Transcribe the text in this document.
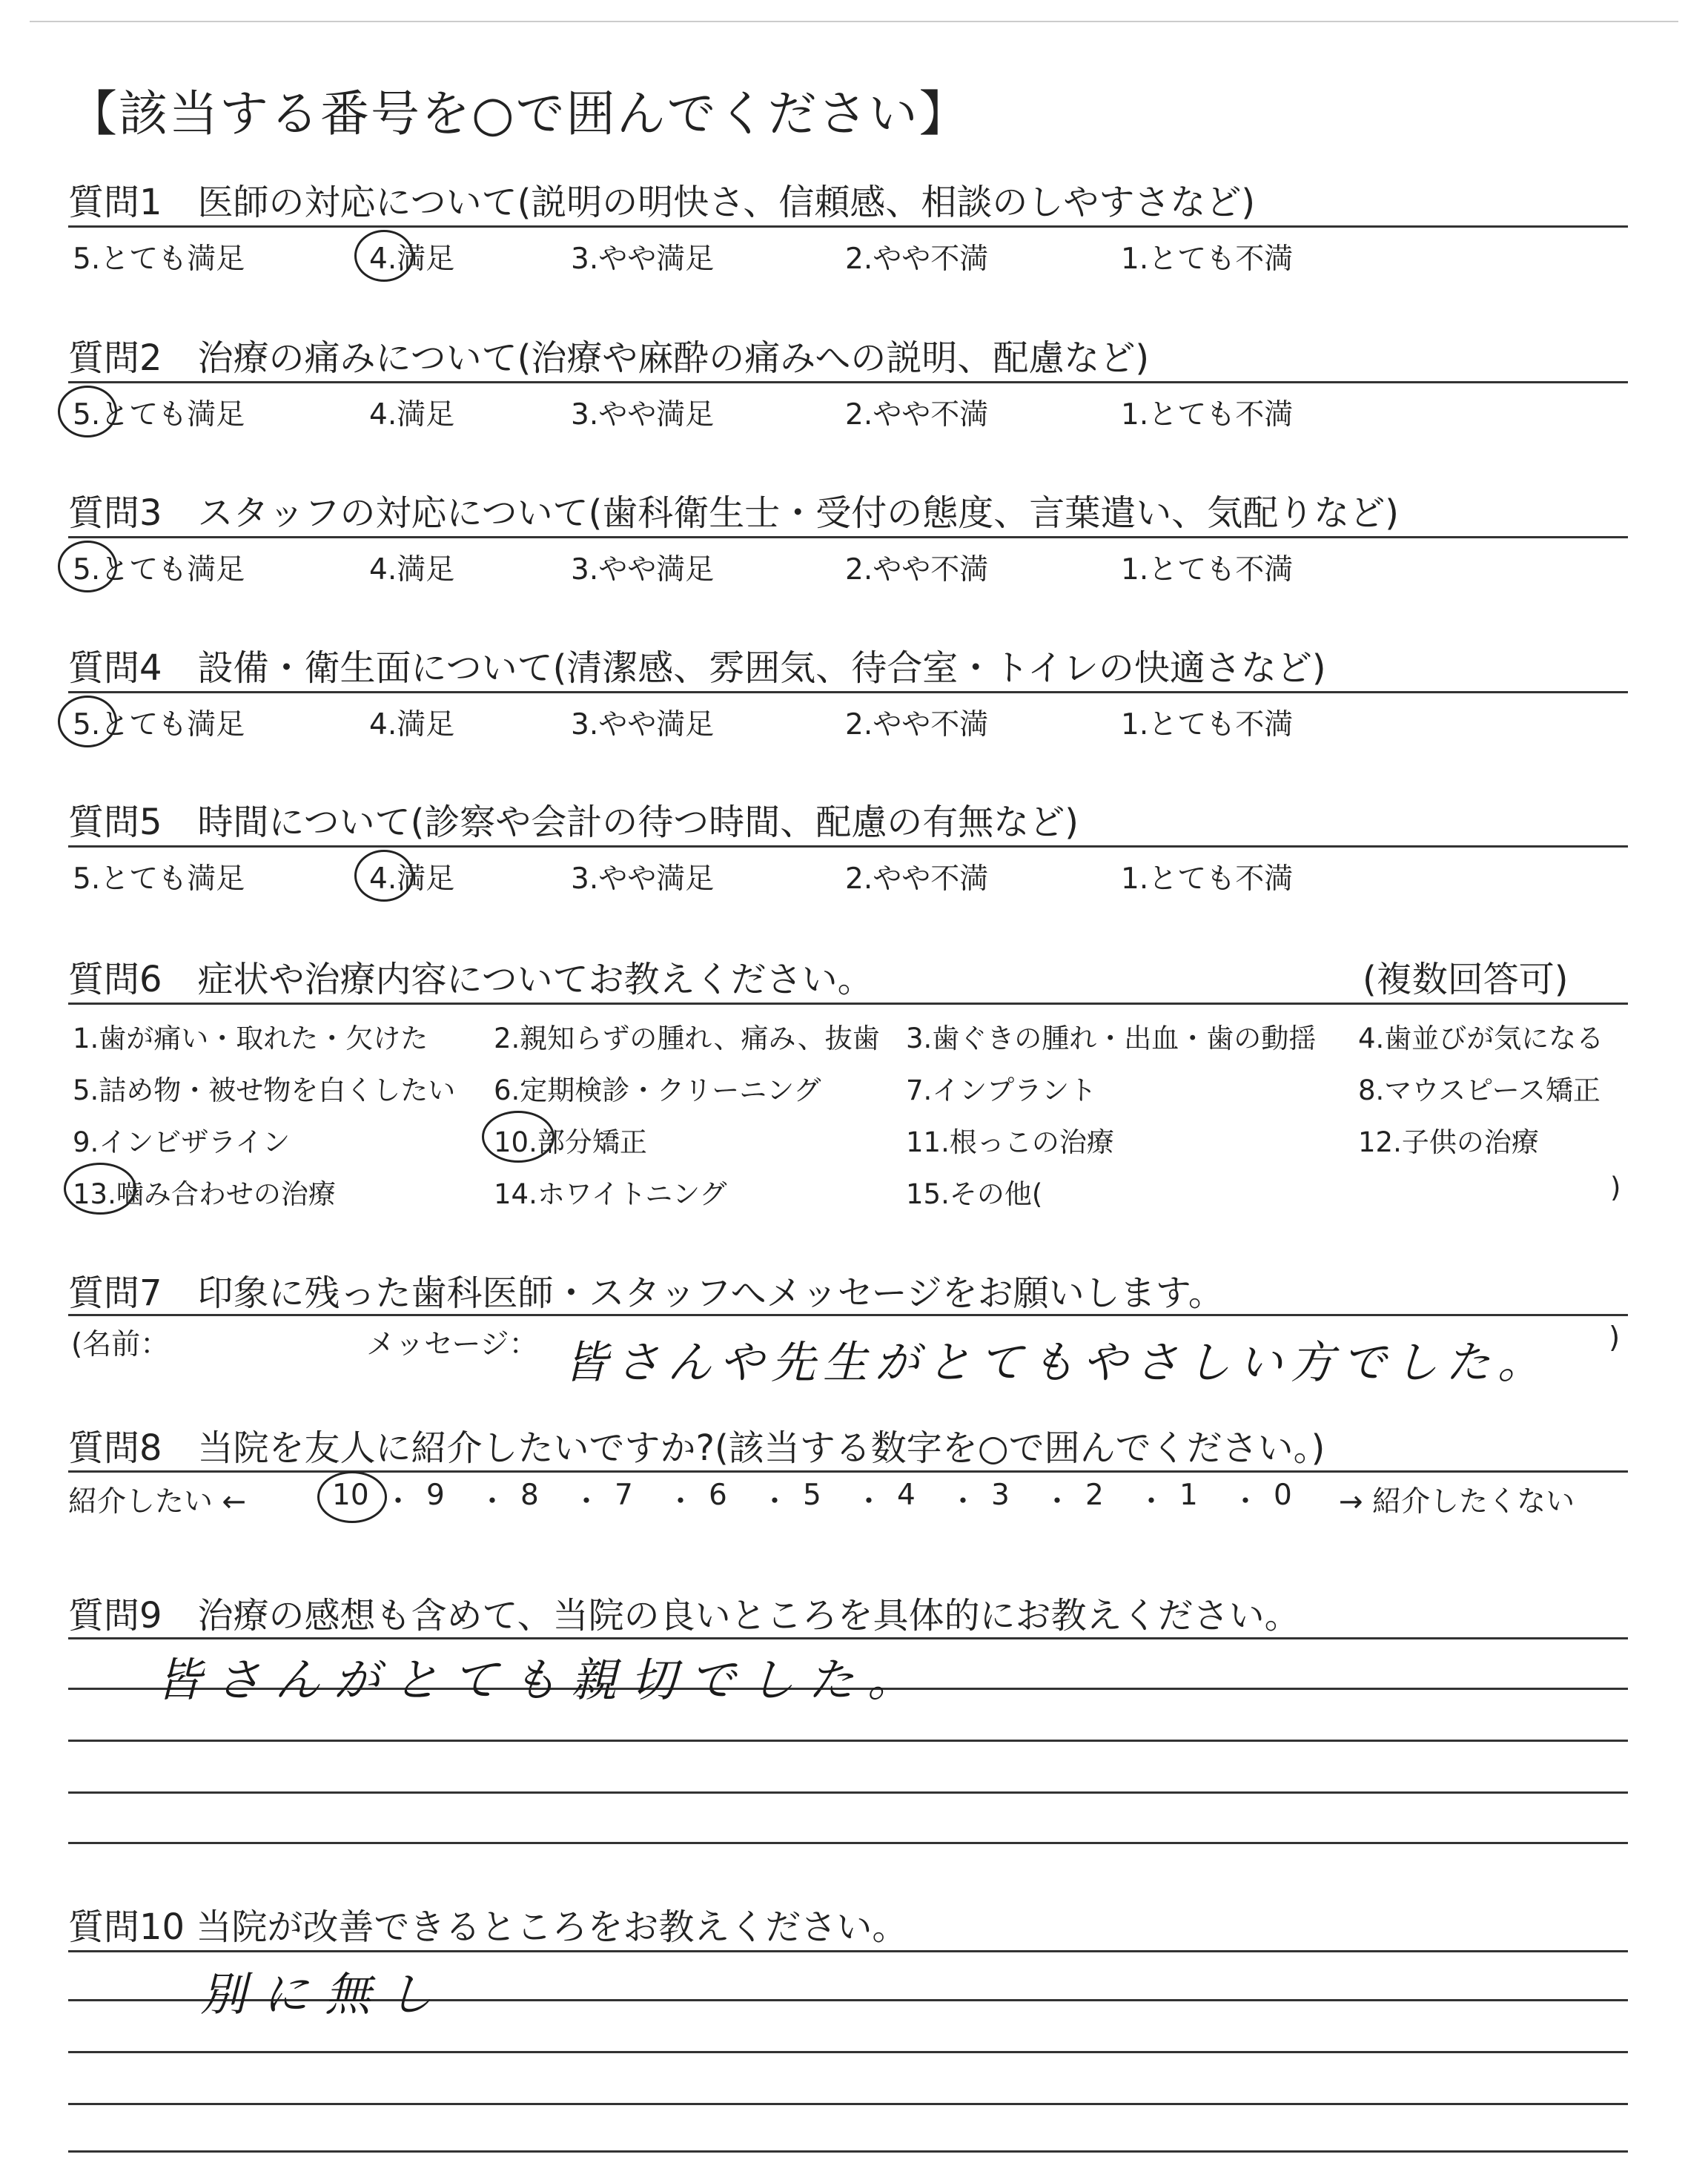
【該当する番号を○で囲んでください】
質問6　症状や治療内容についてお教えください。	(複数回答可)
質問7　印象に残った歯科医師・スタッフへメッセージをお願いします。
(名前：	メッセージ： 皆さんや先生がとてもやさしい方でした。 )
質問8　当院を友人に紹介したいですか?(該当する数字を○で囲んでください。)
紹介したい ←	→ 紹介したくない
質問9　治療の感想も含めて、当院の良いところを具体的にお教えください。
皆さんがとても親切でした。
質問10 当院が改善できるところをお教えください。
別に無し
質問1　医師の対応について(説明の明快さ、信頼感、相談のしやすさなど)
5.とても満足	4.満足	3.やや満足	2.やや不満	1.とても不満
質問2　治療の痛みについて(治療や麻酔の痛みへの説明、配慮など)
5.とても満足	4.満足	3.やや満足	2.やや不満	1.とても不満
質問3　スタッフの対応について(歯科衛生士・受付の態度、言葉遣い、気配りなど)
5.とても満足	4.満足	3.やや満足	2.やや不満	1.とても不満
質問4　設備・衛生面について(清潔感、雰囲気、待合室・トイレの快適さなど)
5.とても満足	4.満足	3.やや満足	2.やや不満	1.とても不満
質問5　時間について(診察や会計の待つ時間、配慮の有無など)
5.とても満足	4.満足	3.やや満足	2.やや不満	1.とても不満
1.歯が痛い・取れた・欠けた 2.親知らずの腫れ、痛み、抜歯 3.歯ぐきの腫れ・出血・歯の動揺 4.歯並びが気になる
5.詰め物・被せ物を白くしたい 6.定期検診・クリーニング	7.インプラント	8.マウスピース矯正
9.インビザライン	10.部分矯正	11.根っこの治療	12.子供の治療
13.噛み合わせの治療	14.ホワイトニング	15.その他(	)
10 ・ 9 ・ 8 ・ 7 ・ 6 ・ 5 ・ 4 ・ 3 ・ 2 ・ 1 ・ 0
